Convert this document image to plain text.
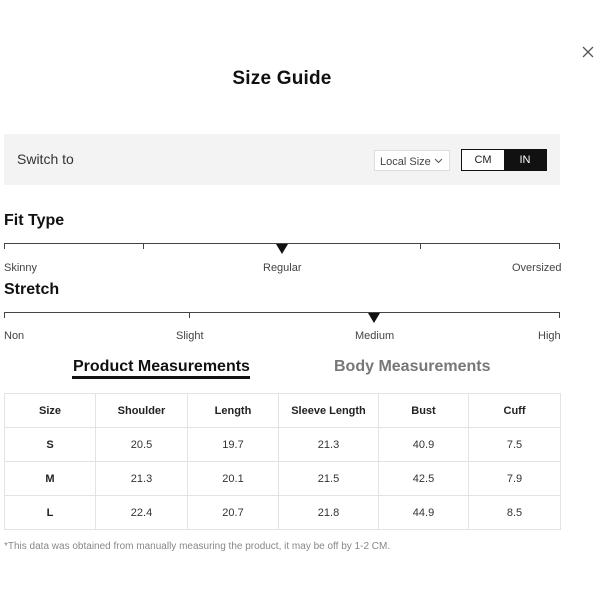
Size Guide
Switch to	Local Size	CM	IN
Fit Type
Skinny	Regular	Oversized
Stretch
Non	Slight	Medium	High
Product Measurements	Body Measurements
Size	Shoulder	Length	Sleeve Length	Bust	Cuff
S	20.5	19.7	21.3	40.9	7.5
M	21.3	20.1	21.5	42.5	7.9
L	22.4	20.7	21.8	44.9	8.5
*This data was obtained from manually measuring the product, it may be off by 1-2 CM.
